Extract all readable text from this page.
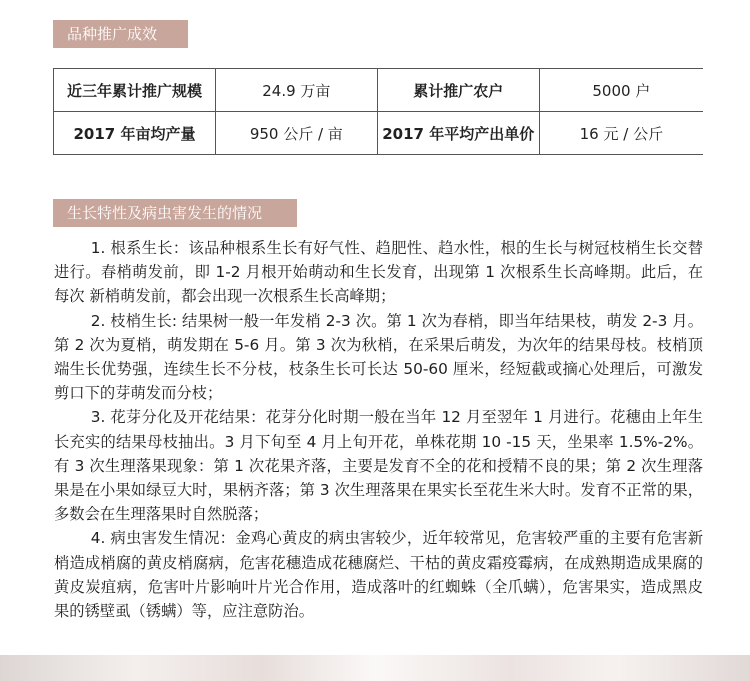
品种推广成效
近三年累计推广规模	24.9 万亩	累计推广农户	5000 户
2017 年亩均产量	950 公斤 / 亩	2017 年平均产出单价	16 元 / 公斤
生长特性及病虫害发生的情况

1. 根系生长：该品种根系生长有好气性、趋肥性、趋水性，根的生长与树冠枝梢生长交替进行。春梢萌发前，即 1-2 月根开始萌动和生长发育，出现第 1 次根系生长高峰期。此后，在每次 新梢萌发前，都会出现一次根系生长高峰期；

2. 枝梢生长: 结果树一般一年发梢 2-3 次。第 1 次为春梢，即当年结果枝，萌发 2-3 月。第 2 次为夏梢，萌发期在 5-6 月。第 3 次为秋梢，在采果后萌发，为次年的结果母枝。枝梢顶端生长优势强，连续生长不分枝，枝条生长可长达 50-60 厘米，经短截或摘心处理后，可激发剪口下的芽萌发而分枝；

3. 花芽分化及开花结果：花芽分化时期一般在当年 12 月至翌年 1 月进行。花穗由上年生长充实的结果母枝抽出。3 月下旬至 4 月上旬开花，单株花期 10 -15 天，坐果率 1.5%-2%。有 3 次生理落果现象：第 1 次花果齐落，主要是发育不全的花和授精不良的果；第 2 次生理落果是在小果如绿豆大时，果柄齐落；第 3 次生理落果在果实长至花生米大时。发育不正常的果，多数会在生理落果时自然脱落；

4. 病虫害发生情况：金鸡心黄皮的病虫害较少，近年较常见，危害较严重的主要有危害新梢造成梢腐的黄皮梢腐病，危害花穗造成花穗腐烂、干枯的黄皮霜疫霉病，在成熟期造成果腐的黄皮炭疽病，危害叶片影响叶片光合作用，造成落叶的红蜘蛛（全爪螨），危害果实，造成黑皮果的锈壁虱（锈螨）等，应注意防治。
